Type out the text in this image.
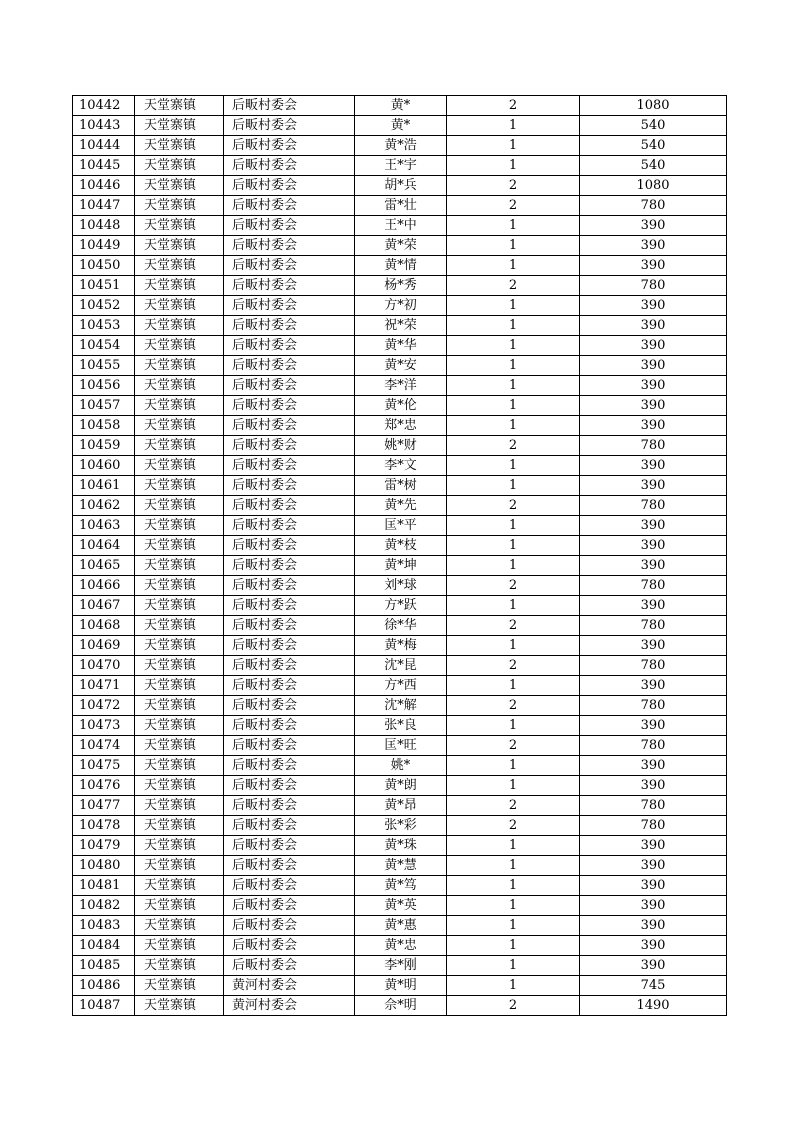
10442	天堂寨镇	后畈村委会	黄*	2	1080
10443	天堂寨镇	后畈村委会	黄*	1	540
10444	天堂寨镇	后畈村委会	黄*浩	1	540
10445	天堂寨镇	后畈村委会	王*宇	1	540
10446	天堂寨镇	后畈村委会	胡*兵	2	1080
10447	天堂寨镇	后畈村委会	雷*壮	2	780
10448	天堂寨镇	后畈村委会	王*中	1	390
10449	天堂寨镇	后畈村委会	黄*荣	1	390
10450	天堂寨镇	后畈村委会	黄*情	1	390
10451	天堂寨镇	后畈村委会	杨*秀	2	780
10452	天堂寨镇	后畈村委会	方*初	1	390
10453	天堂寨镇	后畈村委会	祝*荣	1	390
10454	天堂寨镇	后畈村委会	黄*华	1	390
10455	天堂寨镇	后畈村委会	黄*安	1	390
10456	天堂寨镇	后畈村委会	李*洋	1	390
10457	天堂寨镇	后畈村委会	黄*伦	1	390
10458	天堂寨镇	后畈村委会	郑*忠	1	390
10459	天堂寨镇	后畈村委会	姚*财	2	780
10460	天堂寨镇	后畈村委会	李*文	1	390
10461	天堂寨镇	后畈村委会	雷*树	1	390
10462	天堂寨镇	后畈村委会	黄*先	2	780
10463	天堂寨镇	后畈村委会	匡*平	1	390
10464	天堂寨镇	后畈村委会	黄*枝	1	390
10465	天堂寨镇	后畈村委会	黄*坤	1	390
10466	天堂寨镇	后畈村委会	刘*球	2	780
10467	天堂寨镇	后畈村委会	方*跃	1	390
10468	天堂寨镇	后畈村委会	徐*华	2	780
10469	天堂寨镇	后畈村委会	黄*梅	1	390
10470	天堂寨镇	后畈村委会	沈*昆	2	780
10471	天堂寨镇	后畈村委会	方*西	1	390
10472	天堂寨镇	后畈村委会	沈*解	2	780
10473	天堂寨镇	后畈村委会	张*良	1	390
10474	天堂寨镇	后畈村委会	匡*旺	2	780
10475	天堂寨镇	后畈村委会	姚*	1	390
10476	天堂寨镇	后畈村委会	黄*朗	1	390
10477	天堂寨镇	后畈村委会	黄*昂	2	780
10478	天堂寨镇	后畈村委会	张*彩	2	780
10479	天堂寨镇	后畈村委会	黄*珠	1	390
10480	天堂寨镇	后畈村委会	黄*慧	1	390
10481	天堂寨镇	后畈村委会	黄*笃	1	390
10482	天堂寨镇	后畈村委会	黄*英	1	390
10483	天堂寨镇	后畈村委会	黄*惠	1	390
10484	天堂寨镇	后畈村委会	黄*忠	1	390
10485	天堂寨镇	后畈村委会	李*刚	1	390
10486	天堂寨镇	黄河村委会	黄*明	1	745
10487	天堂寨镇	黄河村委会	佘*明	2	1490
